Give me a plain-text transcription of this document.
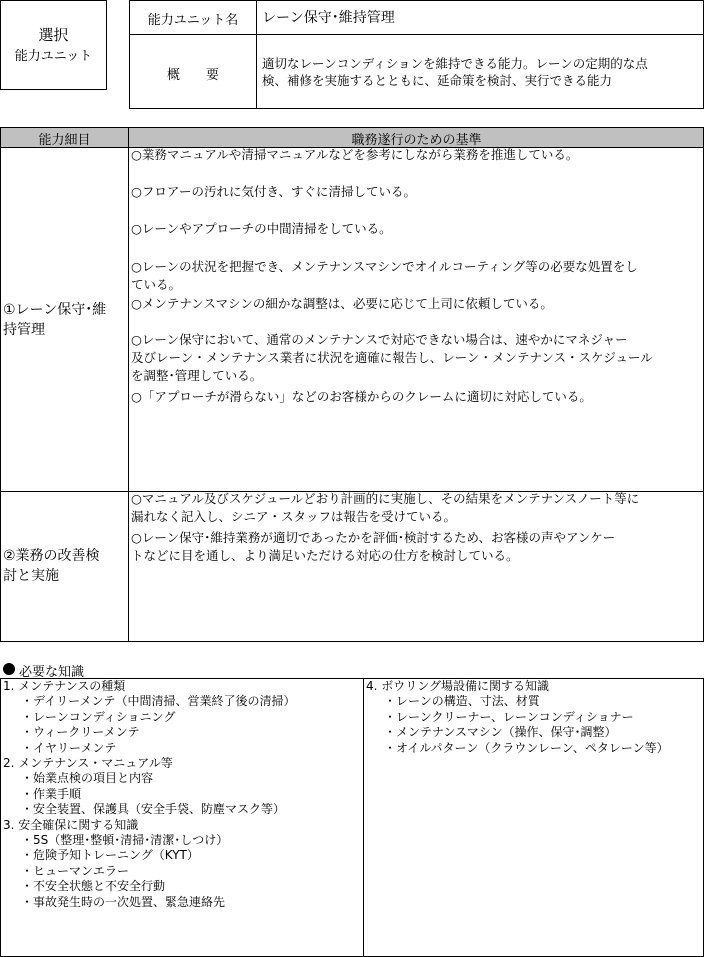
選択
能力ユニット
能力ユニット名	レーン保守･維持管理
概　　要
適切なレーンコンディションを維持できる能力。レーンの定期的な点
検、補修を実施するとともに、延命策を検討、実行できる能力
能力細目	職務遂行のための基準
①レーン保守･維
持管理
○業務マニュアルや清掃マニュアルなどを参考にしながら業務を推進している。
○フロアーの汚れに気付き、すぐに清掃している。
○レーンやアプローチの中間清掃をしている。
○レーンの状況を把握でき、メンテナンスマシンでオイルコーティング等の必要な処置をし
ている。
○メンテナンスマシンの細かな調整は、必要に応じて上司に依頼している。
○レーン保守において、通常のメンテナンスで対応できない場合は、速やかにマネジャー
及びレーン・メンテナンス業者に状況を適確に報告し、レーン・メンテナンス・スケジュール
を調整･管理している。
○「アプローチが滑らない」などのお客様からのクレームに適切に対応している。
②業務の改善検
討と実施
○マニュアル及びスケジュールどおり計画的に実施し、その結果をメンテナンスノート等に
漏れなく記入し、シニア・スタッフは報告を受けている。
○レーン保守･維持業務が適切であったかを評価･検討するため、お客様の声やアンケー
トなどに目を通し、より満足いただける対応の仕方を検討している。
必要な知識
1. メンテナンスの種類
・デイリーメンテ（中間清掃、営業終了後の清掃）
・レーンコンディショニング
・ウィークリーメンテ
・イヤリーメンテ
2. メンテナンス・マニュアル等
・始業点検の項目と内容
・作業手順
・安全装置、保護具（安全手袋、防塵マスク等）
3. 安全確保に関する知識
・5S（整理･整頓･清掃･清潔･しつけ）
・危険予知トレーニング（KYT）
・ヒューマンエラー
・不安全状態と不安全行動
・事故発生時の一次処置、緊急連絡先
4. ボウリング場設備に関する知識
・レーンの構造、寸法、材質
・レーンクリーナー、レーンコンディショナー
・メンテナンスマシン（操作、保守･調整）
・オイルパターン（クラウンレーン、ペタレーン等）
